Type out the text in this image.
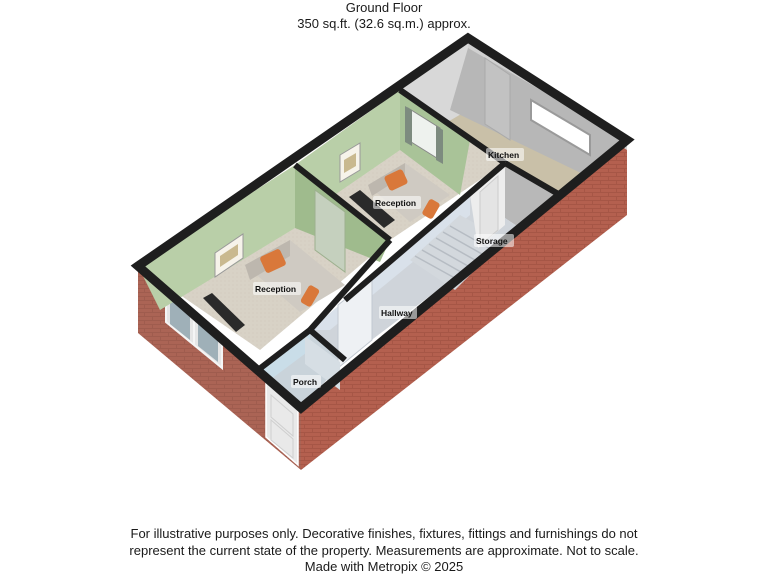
Ground Floor
350 sq.ft. (32.6 sq.m.) approx.
Kitchen
Reception
Storage
Reception
Hallway
Porch
For illustrative purposes only. Decorative finishes, fixtures, fittings and furnishings do not
represent the current state of the property. Measurements are approximate. Not to scale.
Made with Metropix © 2025
